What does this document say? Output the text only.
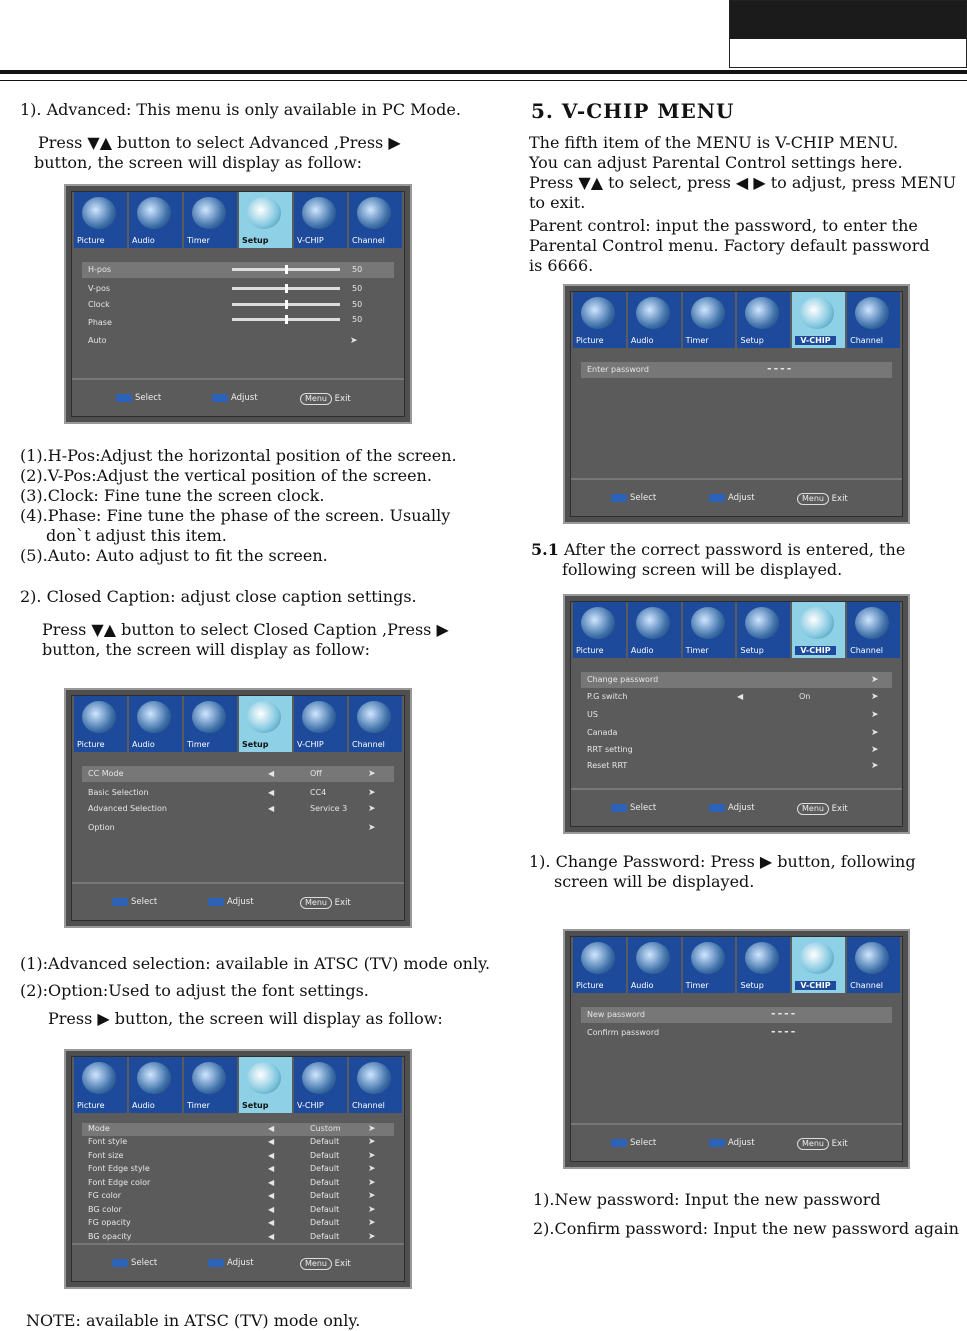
1). Advanced: This menu is only available in PC Mode.
Press ▼▲ button to select Advanced ,Press ▶
button, the screen will display as follow:
Picture	Audio	Timer	Setup	V-CHIP	Channel
H-pos	50
V-pos	50
Clock	50
Phase	50
Auto	➤
Select	Adjust	Menu Exit
(1).H-Pos:Adjust the horizontal position of the screen.
(2).V-Pos:Adjust the vertical position of the screen.
(3).Clock: Fine tune the screen clock.
(4).Phase: Fine tune the phase of the screen. Usually
don`t adjust this item.
(5).Auto: Auto adjust to fit the screen.
2). Closed Caption: adjust close caption settings.
Press ▼▲ button to select Closed Caption ,Press ▶
button, the screen will display as follow:
Picture	Audio	Timer	Setup	V-CHIP	Channel
CC Mode	◀	Off	➤
Basic Selection	◀	CC4	➤
Advanced Selection	◀	Service 3 ➤
Option	➤
Select	Adjust	Menu Exit
(1):Advanced selection: available in ATSC (TV) mode only.
(2):Option:Used to adjust the font settings.
Press ▶ button, the screen will display as follow:
Picture	Audio	Timer	Setup	V-CHIP	Channel
Mode	◀	Custom	➤
Font style	◀	Default	➤
Font size	◀	Default	➤
Font Edge style	◀	Default	➤
Font Edge color	◀	Default	➤
FG color	◀	Default	➤
BG color	◀	Default	➤
FG opacity	◀	Default	➤
BG opacity	◀	Default	➤
Select	Adjust	Menu Exit
NOTE: available in ATSC (TV) mode only.
5. V-CHIP MENU
The fifth item of the MENU is V-CHIP MENU.
You can adjust Parental Control settings here.
Press ▼▲ to select, press ◀ ▶ to adjust, press MENU
to exit.
Parent control: input the password, to enter the
Parental Control menu. Factory default password
is 6666.
Picture	Audio	Timer	Setup	V-CHIP	Channel
Enter password	----
Select	Adjust	Menu Exit
5.1 After the correct password is entered, the
following screen will be displayed.
Picture	Audio	Timer	Setup	V-CHIP	Channel
Change password	➤
P.G switch	◀	On	➤
US	➤
Canada	➤
RRT setting	➤
Reset RRT	➤
Select	Adjust	Menu Exit
1). Change Password: Press ▶ button, following
screen will be displayed.
Picture	Audio	Timer	Setup	V-CHIP	Channel
New password	----
Confirm password	----
Select	Adjust	Menu Exit
1).New password: Input the new password
2).Confirm password: Input the new password again
